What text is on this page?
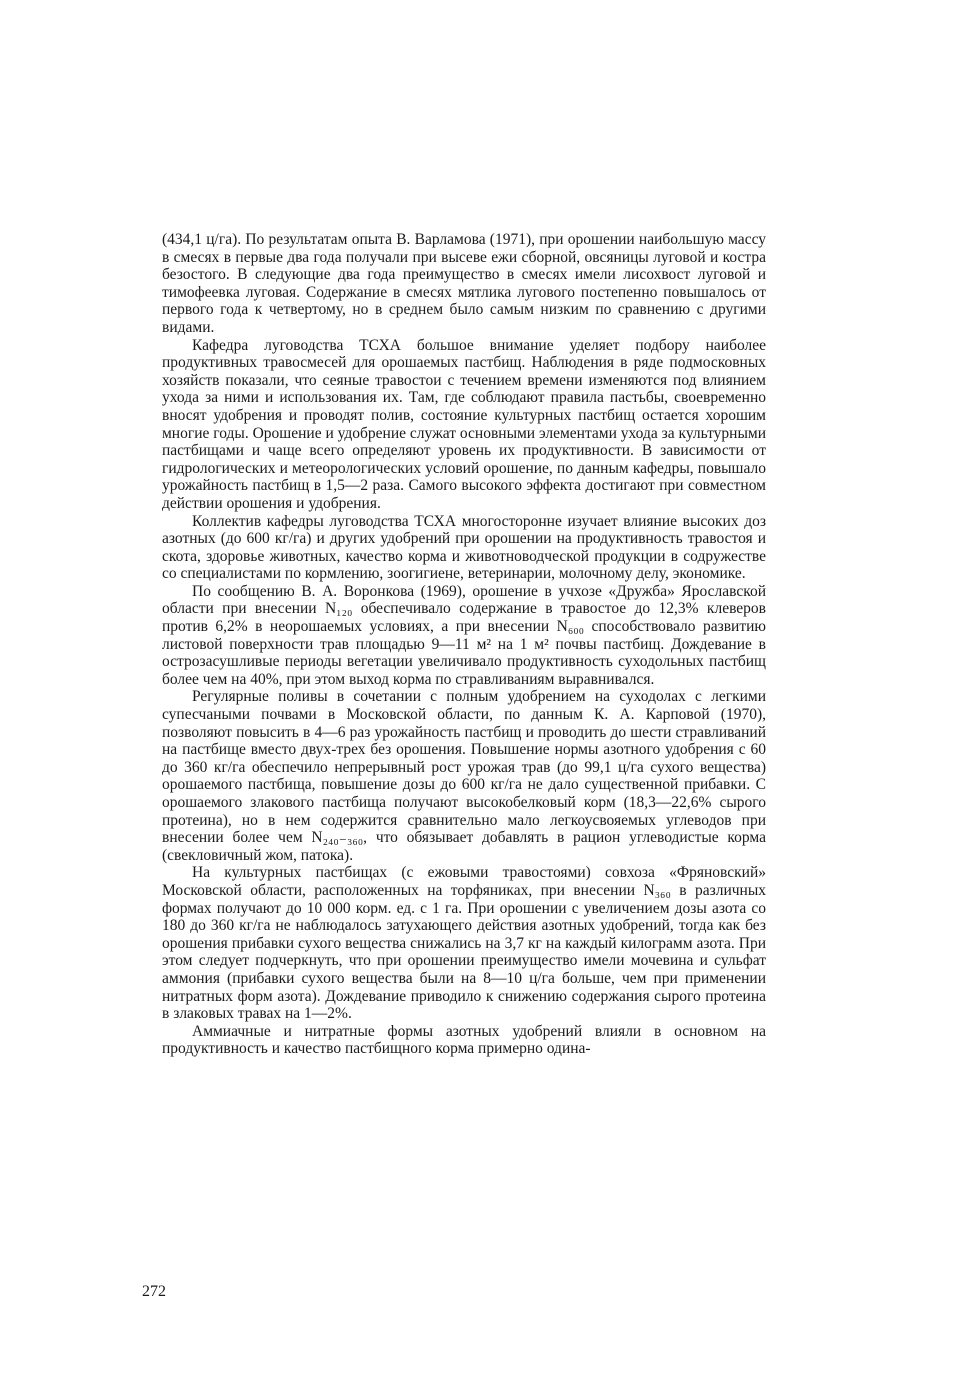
(434,1 ц/га). По результатам опыта В. Варламова (1971), при орошении наибольшую массу в смесях в первые два года получали при высеве ежи сборной, овсяницы луговой и костра безостого. В следующие два года преимущество в смесях имели лисохвост луговой и тимофеевка луговая. Содержание в смесях мятлика лугового постепенно повышалось от первого года к четвертому, но в среднем было самым низким по сравнению с другими видами.

Кафедра луговодства ТСХА большое внимание уделяет подбору наиболее продуктивных травосмесей для орошаемых пастбищ. Наблюдения в ряде подмосковных хозяйств показали, что сеяные травостои с течением времени изменяются под влиянием ухода за ними и использования их. Там, где соблюдают правила пастьбы, своевременно вносят удобрения и проводят полив, состояние культурных пастбищ остается хорошим многие годы. Орошение и удобрение служат основными элементами ухода за культурными пастбищами и чаще всего определяют уровень их продуктивности. В зависимости от гидрологических и метеорологических условий орошение, по данным кафедры, повышало урожайность пастбищ в 1,5—2 раза. Самого высокого эффекта достигают при совместном действии орошения и удобрения.

Коллектив кафедры луговодства ТСХА многосторонне изучает влияние высоких доз азотных (до 600 кг/га) и других удобрений при орошении на продуктивность травостоя и скота, здоровье животных, качество корма и животноводческой продукции в содружестве со специалистами по кормлению, зоогигиене, ветеринарии, молочному делу, экономике.

По сообщению В. А. Воронкова (1969), орошение в учхозе «Дружба» Ярославской области при внесении N₁₂₀ обеспечивало содержание в травостое до 12,3% клеверов против 6,2% в неорошаемых условиях, а при внесении N₆₀₀ способствовало развитию листовой поверхности трав площадью 9—11 м² на 1 м² почвы пастбищ. Дождевание в острозасушливые периоды вегетации увеличивало продуктивность суходольных пастбищ более чем на 40%, при этом выход корма по стравливаниям выравнивался.

Регулярные поливы в сочетании с полным удобрением на суходолах с легкими супесчаными почвами в Московской области, по данным К. А. Карповой (1970), позволяют повысить в 4—6 раз урожайность пастбищ и проводить до шести стравливаний на пастбище вместо двух-трех без орошения. Повышение нормы азотного удобрения с 60 до 360 кг/га обеспечило непрерывный рост урожая трав (до 99,1 ц/га сухого вещества) орошаемого пастбища, повышение дозы до 600 кг/га не дало существенной прибавки. С орошаемого злакового пастбища получают высокобелковый корм (18,3—22,6% сырого протеина), но в нем содержится сравнительно мало легкоусвояемых углеводов при внесении более чем N₂₄₀₋₃₆₀, что обязывает добавлять в рацион углеводистые корма (свекловичный жом, патока).

На культурных пастбищах (с ежовыми травостоями) совхоза «Фряновский» Московской области, расположенных на торфяниках, при внесении N₃₆₀ в различных формах получают до 10 000 корм. ед. с 1 га. При орошении с увеличением дозы азота со 180 до 360 кг/га не наблюдалось затухающего действия азотных удобрений, тогда как без орошения прибавки сухого вещества снижались на 3,7 кг на каждый килограмм азота. При этом следует подчеркнуть, что при орошении преимущество имели мочевина и сульфат аммония (прибавки сухого вещества были на 8—10 ц/га больше, чем при применении нитратных форм азота). Дождевание приводило к снижению содержания сырого протеина в злаковых травах на 1—2%.

Аммиачные и нитратные формы азотных удобрений влияли в основном на продуктивность и качество пастбищного корма примерно одина-

272
